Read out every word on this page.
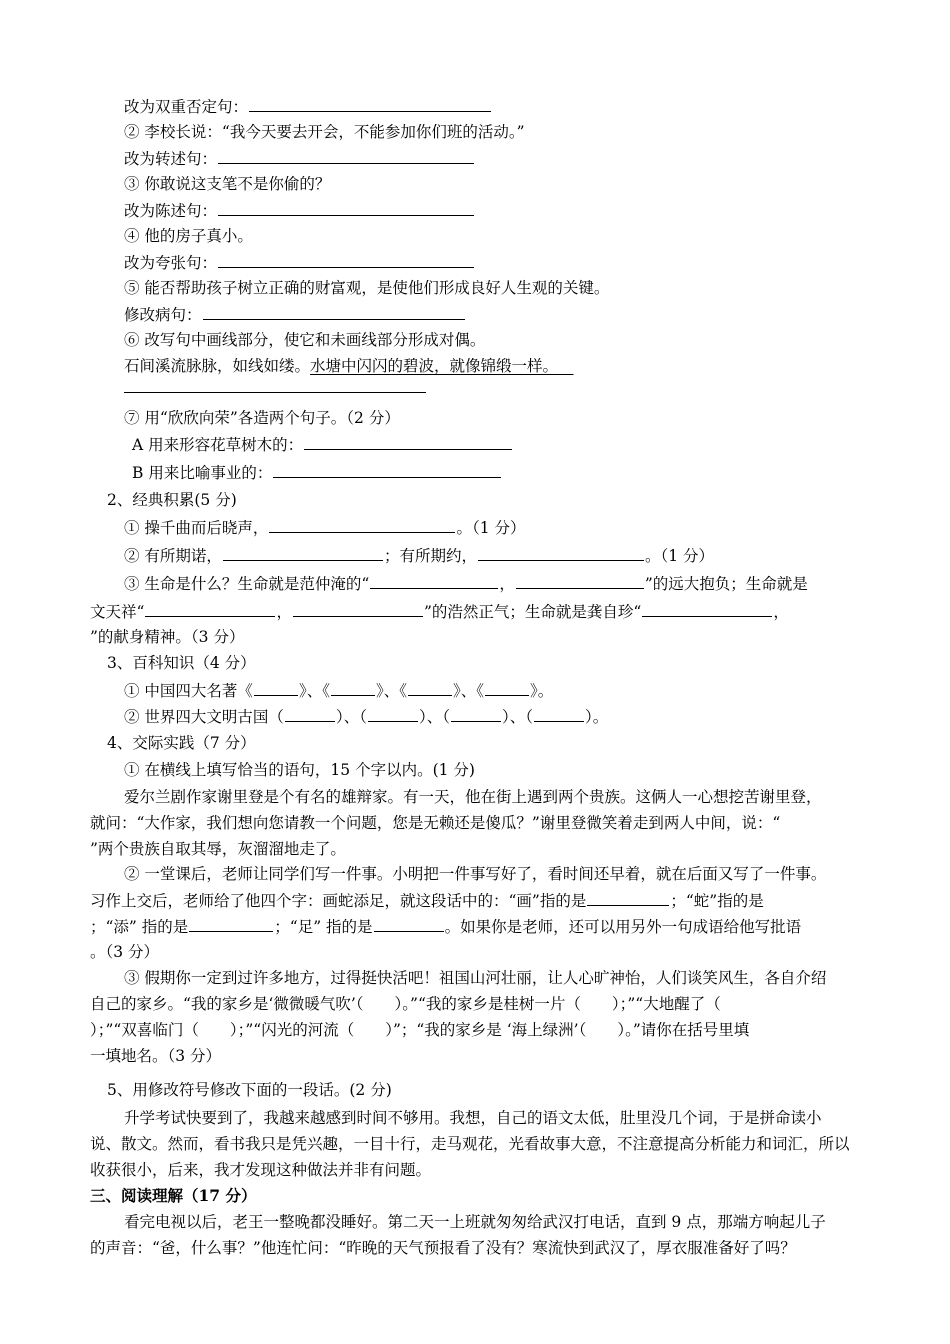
改为双重否定句：
② 李校长说：“我今天要去开会，不能参加你们班的活动。”
改为转述句：
③ 你敢说这支笔不是你偷的？
改为陈述句：
④ 他的房子真小。
改为夸张句：
⑤ 能否帮助孩子树立正确的财富观，是使他们形成良好人生观的关键。
修改病句：
⑥ 改写句中画线部分，使它和未画线部分形成对偶。
石间溪流脉脉，如线如缕。水塘中闪闪的碧波，就像锦缎一样。 
⑦ 用“欣欣向荣”各造两个句子。（2 分）
A 用来形容花草树木的：
B 用来比喻事业的：
2、经典积累(5 分)
① 操千曲而后晓声，	。（1 分）
② 有所期诺，	；有所期约，	。（1 分）
③ 生命是什么？生命就是范仲淹的“	，	”的远大抱负；生命就是
文天祥“	，	”的浩然正气；生命就是龚自珍“	，
”的献身精神。（3 分）
3、百科知识（4 分）
① 中国四大名著《	》、《	》、《	》、《	》。
② 世界四大文明古国（	）、（	）、（	）、（	）。
4、交际实践（7 分）
① 在横线上填写恰当的语句，15 个字以内。(1 分)
爱尔兰剧作家谢里登是个有名的雄辩家。有一天，他在街上遇到两个贵族。这俩人一心想挖苦谢里登，
就问：“大作家，我们想向您请教一个问题，您是无赖还是傻瓜？”谢里登微笑着走到两人中间，说：“
”两个贵族自取其辱，灰溜溜地走了。
② 一堂课后，老师让同学们写一件事。小明把一件事写好了，看时间还早着，就在后面又写了一件事。
习作上交后，老师给了他四个字：画蛇添足，就这段话中的：“画”指的是	；“蛇”指的是
；“添” 指的是	；“足” 指的是	。如果你是老师，还可以用另外一句成语给他写批语
。（3 分）
③ 假期你一定到过许多地方，过得挺快活吧！祖国山河壮丽，让人心旷神怡，人们谈笑风生，各自介绍
自己的家乡。“我的家乡是‘微微暖气吹’（　　）。”“我的家乡是桂树一片（　　）；”“大地醒了（
）；”“双喜临门（　　）；”“闪光的河流（　　）”；“我的家乡是 ‘海上绿洲’（　　）。”请你在括号里填
一填地名。（3 分）
5、用修改符号修改下面的一段话。(2 分)
升学考试快要到了，我越来越感到时间不够用。我想，自己的语文太低，肚里没几个词，于是拼命读小
说、散文。然而，看书我只是凭兴趣，一目十行，走马观花，光看故事大意，不注意提高分析能力和词汇，所以
收获很小，后来，我才发现这种做法并非有问题。
三、阅读理解（17 分）
看完电视以后，老王一整晚都没睡好。第二天一上班就匆匆给武汉打电话，直到 9 点，那端方响起儿子
的声音：“爸，什么事？”他连忙问：“昨晚的天气预报看了没有？寒流快到武汉了，厚衣服准备好了吗？
